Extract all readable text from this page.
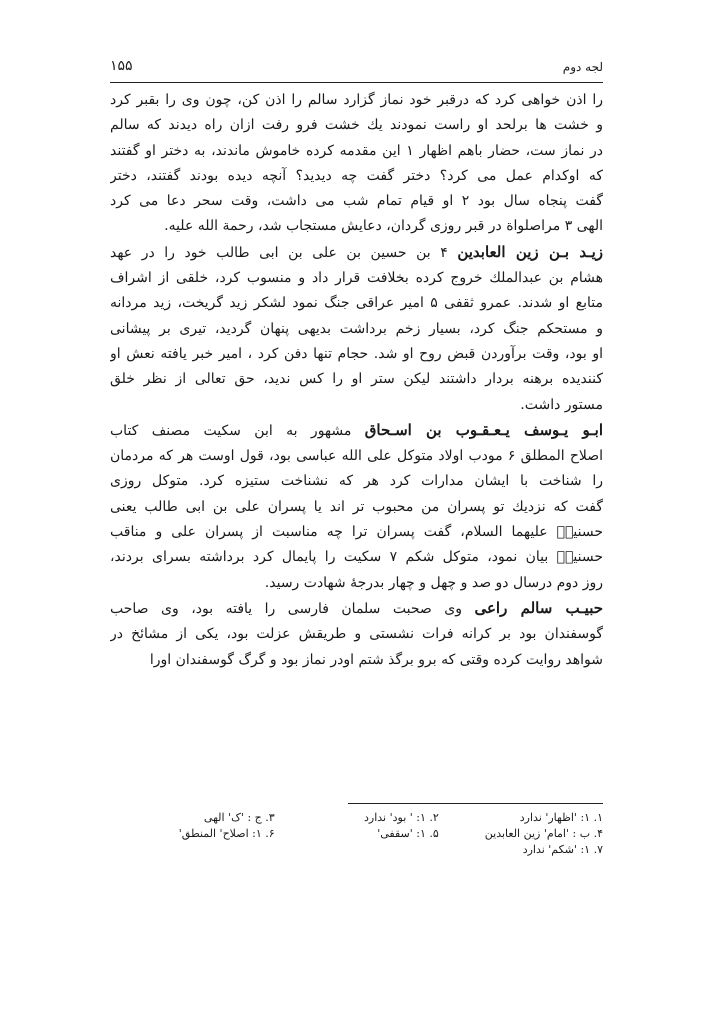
۱۵۵	لجه دوم
را اذن خواهی کرد که درقبر خود نماز گزارد سالم را اذن کن، چون وی را بقبر کرد
و خشت ها برلحد او راست نمودند یك خشت فرو رفت ازان راه دیدند که سالم
در نماز ست، حضار باهم اظهار ۱ این مقدمه کرده خاموش ماندند، به دختر او گفتند
که اوکدام عمل می کرد؟ دختر گفت چه دیدید؟ آنچه دیده بودند گفتند، دختر
گفت پنجاه سال بود ۲ او قیام تمام شب می داشت، وقت سحر دعا می کرد
الهی ۳ مراصلواة در قبر روزی گردان، دعایش مستجاب شد، رحمة الله علیه.
زیـد بـن زین العابدین ۴ بن حسین بن علی بن ابی طالب خود را در عهد
هشام بن عبدالملك خروج کرده بخلافت قرار داد و منسوب کرد، خلقی از اشراف
متابع او شدند. عمرو ثقفی ۵ امیر عراقی جنگ نمود لشکر زید گریخت، زید مردانه
و مستحکم جنگ کرد، بسیار زخم برداشت بدیهی پنهان گردید، تیری بر پیشانی
او بود، وقت برآوردن قبض روح او شد. حجام تنها دفن کرد ، امیر خبر یافته نعش او
کنندیده برهنه بردار داشتند لیکن ستر او را کس ندید، حق تعالی از نظر خلق
مستور داشت.
ابـو یـوسف یـعـقـوب بن اسـحاق مشهور به ابن سکیت مصنف کتاب
اصلاح المطلق ۶ مودب اولاد متوکل علی الله عباسی بود، قول اوست هر که مردمان
را شناخت با ایشان مدارات کرد هر که نشناخت ستیزه کرد. متوکل روزی
گفت که نزدیك تو پسران من محبوب تر اند یا پسران علی بن ابی طالب یعنی
حسنینؓ علیهما السلام، گفت پسران ترا چه مناسبت از پسران علی و مناقب
حسنینؓ بیان نمود، متوکل شکم ۷ سکیت را پایمال کرد برداشته بسرای بردند،
روز دوم درسال دو صد و چهل و چهار بدرجهٔ شهادت رسید.
حبیـب سالم راعی وی صحبت سلمان فارسی را یافته بود، وی صاحب
گوسفندان بود بر کرانه فرات نشستی و طریقش عزلت بود، یکی از مشائخ در
شواهد روایت کرده وقتی که برو برگذ شتم اودر نماز بود و گرگ گوسفندان اورا
۱. ۱: 'اظهار' ندارد
۲. ۱: ' بود' ندارد
۳. ج : 'ک' الهی
۴. ب : 'امام' زین العابدین
۵. ۱: 'سقفی'
۶. ۱: اصلاح' المنطق'
۷. ۱: 'شکم' ندارد
